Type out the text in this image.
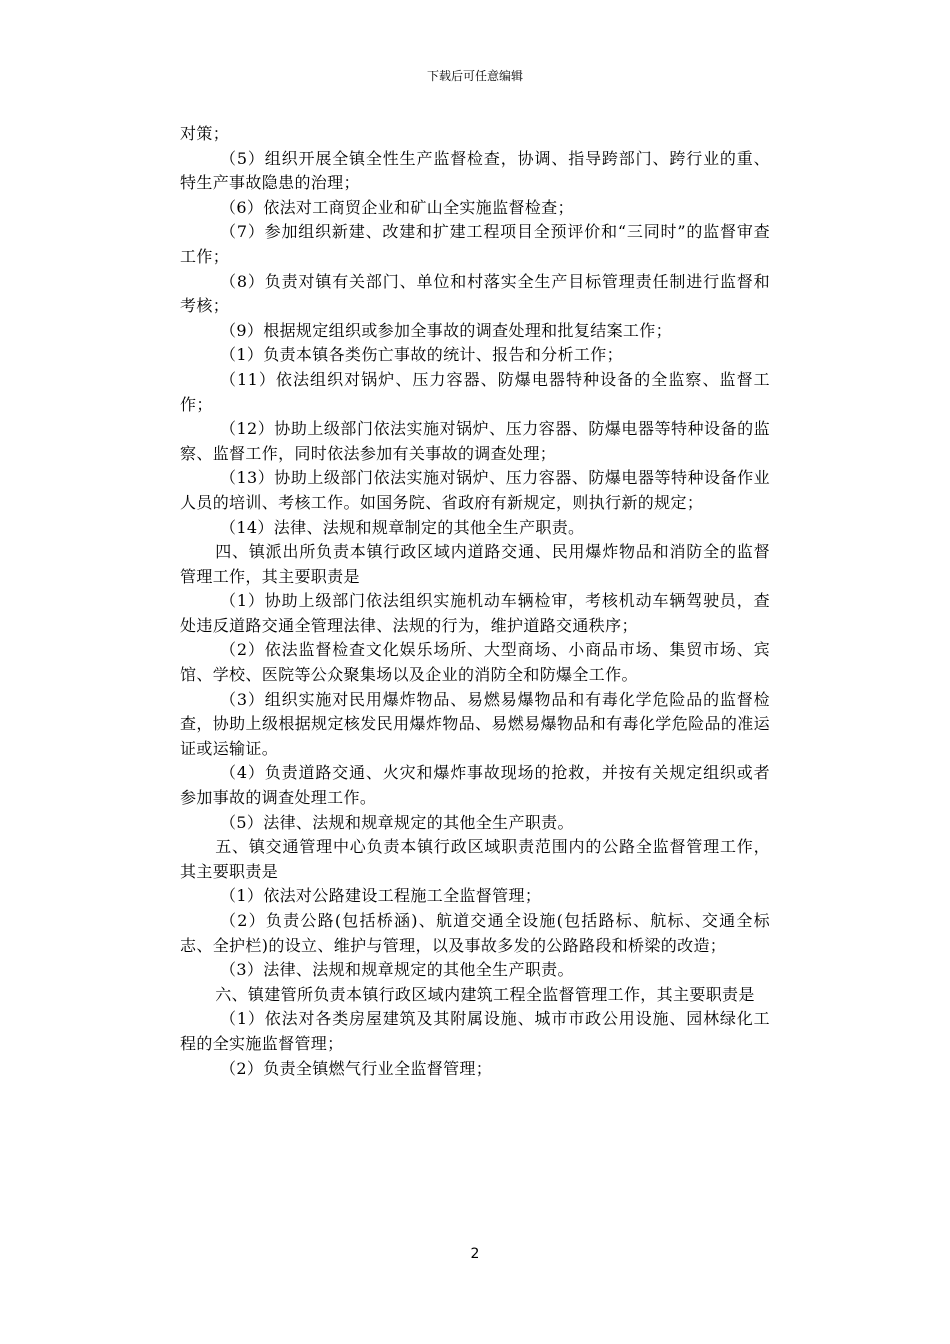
下载后可任意编辑

对策；

（5）组织开展全镇全性生产监督检查，协调、指导跨部门、跨行业的重、特生产事故隐患的治理；

（6）依法对工商贸企业和矿山全实施监督检查；

（7）参加组织新建、改建和扩建工程项目全预评价和“三同时”的监督审查工作；

（8）负责对镇有关部门、单位和村落实全生产目标管理责任制进行监督和考核；

（9）根据规定组织或参加全事故的调查处理和批复结案工作；

（1）负责本镇各类伤亡事故的统计、报告和分析工作；

（11）依法组织对锅炉、压力容器、防爆电器特种设备的全监察、监督工作；

（12）协助上级部门依法实施对锅炉、压力容器、防爆电器等特种设备的监察、监督工作，同时依法参加有关事故的调查处理；

（13）协助上级部门依法实施对锅炉、压力容器、防爆电器等特种设备作业人员的培训、考核工作。如国务院、省政府有新规定，则执行新的规定；

（14）法律、法规和规章制定的其他全生产职责。

四、镇派出所负责本镇行政区域内道路交通、民用爆炸物品和消防全的监督管理工作，其主要职责是

（1）协助上级部门依法组织实施机动车辆检审，考核机动车辆驾驶员，查处违反道路交通全管理法律、法规的行为，维护道路交通秩序；

（2）依法监督检查文化娱乐场所、大型商场、小商品市场、集贸市场、宾馆、学校、医院等公众聚集场以及企业的消防全和防爆全工作。

（3）组织实施对民用爆炸物品、易燃易爆物品和有毒化学危险品的监督检查，协助上级根据规定核发民用爆炸物品、易燃易爆物品和有毒化学危险品的准运证或运输证。

（4）负责道路交通、火灾和爆炸事故现场的抢救，并按有关规定组织或者参加事故的调查处理工作。

（5）法律、法规和规章规定的其他全生产职责。

五、镇交通管理中心负责本镇行政区域职责范围内的公路全监督管理工作，其主要职责是

（1）依法对公路建设工程施工全监督管理；

（2）负责公路(包括桥涵)、航道交通全设施(包括路标、航标、交通全标志、全护栏)的设立、维护与管理，以及事故多发的公路路段和桥梁的改造；

（3）法律、法规和规章规定的其他全生产职责。

六、镇建管所负责本镇行政区域内建筑工程全监督管理工作，其主要职责是

（1）依法对各类房屋建筑及其附属设施、城市市政公用设施、园林绿化工程的全实施监督管理；

（2）负责全镇燃气行业全监督管理；

2
